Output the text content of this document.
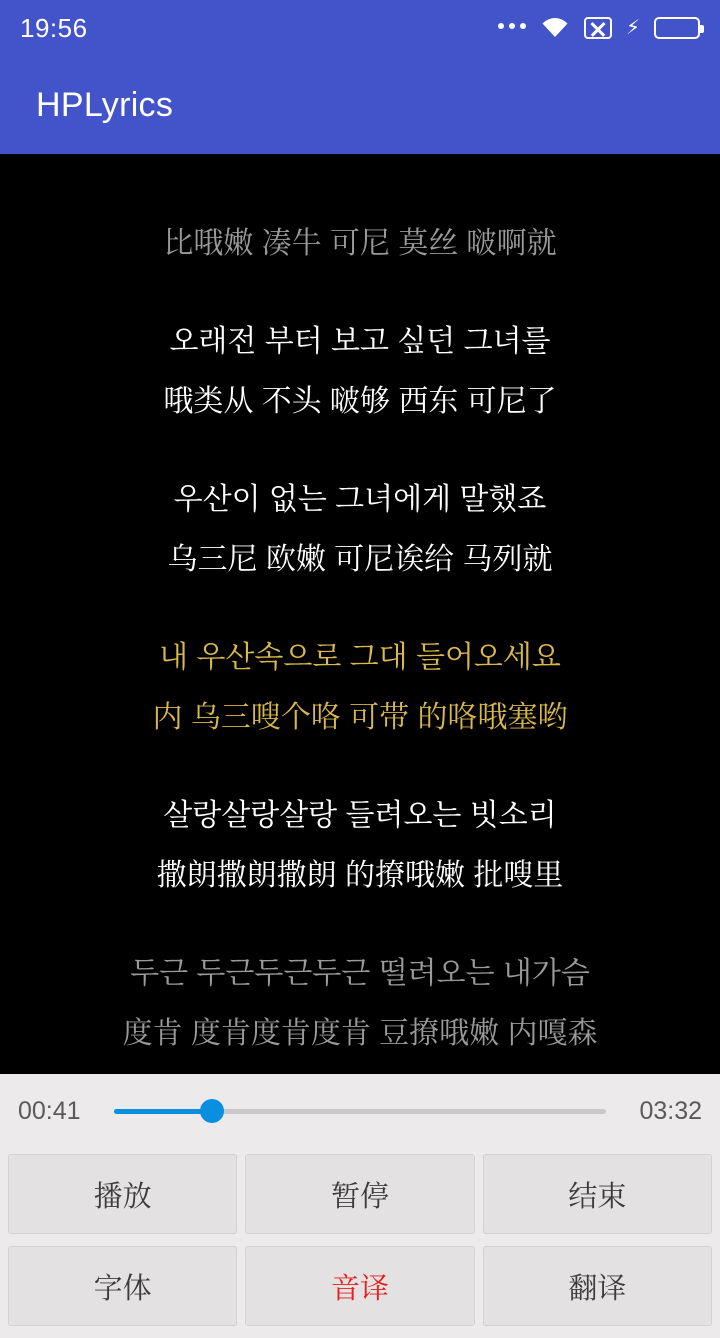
19:56	⚡
HPLyrics
比哦嫩 凑牛 可尼 莫丝 啵啊就
오래전 부터 보고 싶던 그녀를
哦类从 不头 啵够 西东 可尼了
우산이 없는 그녀에게 말했죠
乌三尼 欧嫩 可尼诶给 马列就
내 우산속으로 그대 들어오세요
内 乌三嗖个咯 可带 的咯哦塞哟
살랑살랑살랑 들려오는 빗소리
撒朗撒朗撒朗 的撩哦嫩 批嗖里
두근 두근두근두근 떨려오는 내가슴
度肯 度肯度肯度肯 豆撩哦嫩 内嘎森
00:41	03:32
播放	暂停	结束
字体	音译	翻译
